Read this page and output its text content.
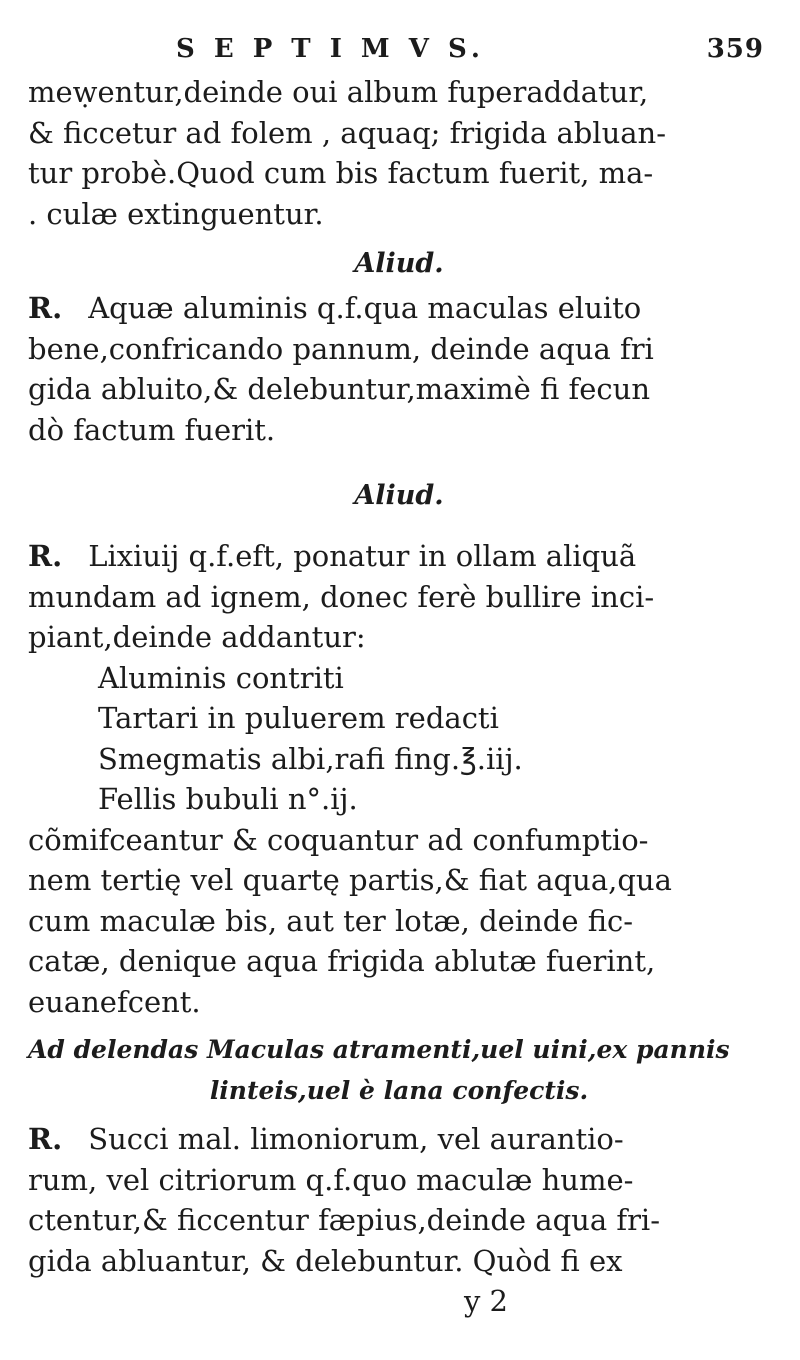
S E P T I M V S.	359
meẉentur,deinde oui album fuperaddatur,
& ficcetur ad folem , aquaq; frigida abluan-
tur probè.Quod cum bis factum fuerit, ma-
. culæ extinguentur.
Aliud.
R. Aquæ aluminis q.f.qua maculas eluito
bene,confricando pannum, deinde aqua fri
gida abluito,& delebuntur,maximè fi fecun
dò factum fuerit.
Aliud.
R. Lixiuij q.f.eft, ponatur in ollam aliquã
mundam ad ignem, donec ferè bullire inci-
piant,deinde addantur:
Aluminis contriti
Tartari in puluerem redacti
Smegmatis albi,rafi fing.℥.iij.
Fellis bubuli n°.ij.
cõmifceantur & coquantur ad confumptio-
nem tertię vel quartę partis,& fiat aqua,qua
cum maculæ bis, aut ter lotæ, deinde fic-
catæ, denique aqua frigida ablutæ fuerint,
euanefcent.
Ad delendas Maculas atramenti,uel uini,ex pannis
linteis,uel è lana confectis.
R. Succi mal. limoniorum, vel aurantio-
rum, vel citriorum q.f.quo maculæ hume-
ctentur,& ficcentur fæpius,deinde aqua fri-
gida abluantur, & delebuntur. Quòd fi ex
y 2
